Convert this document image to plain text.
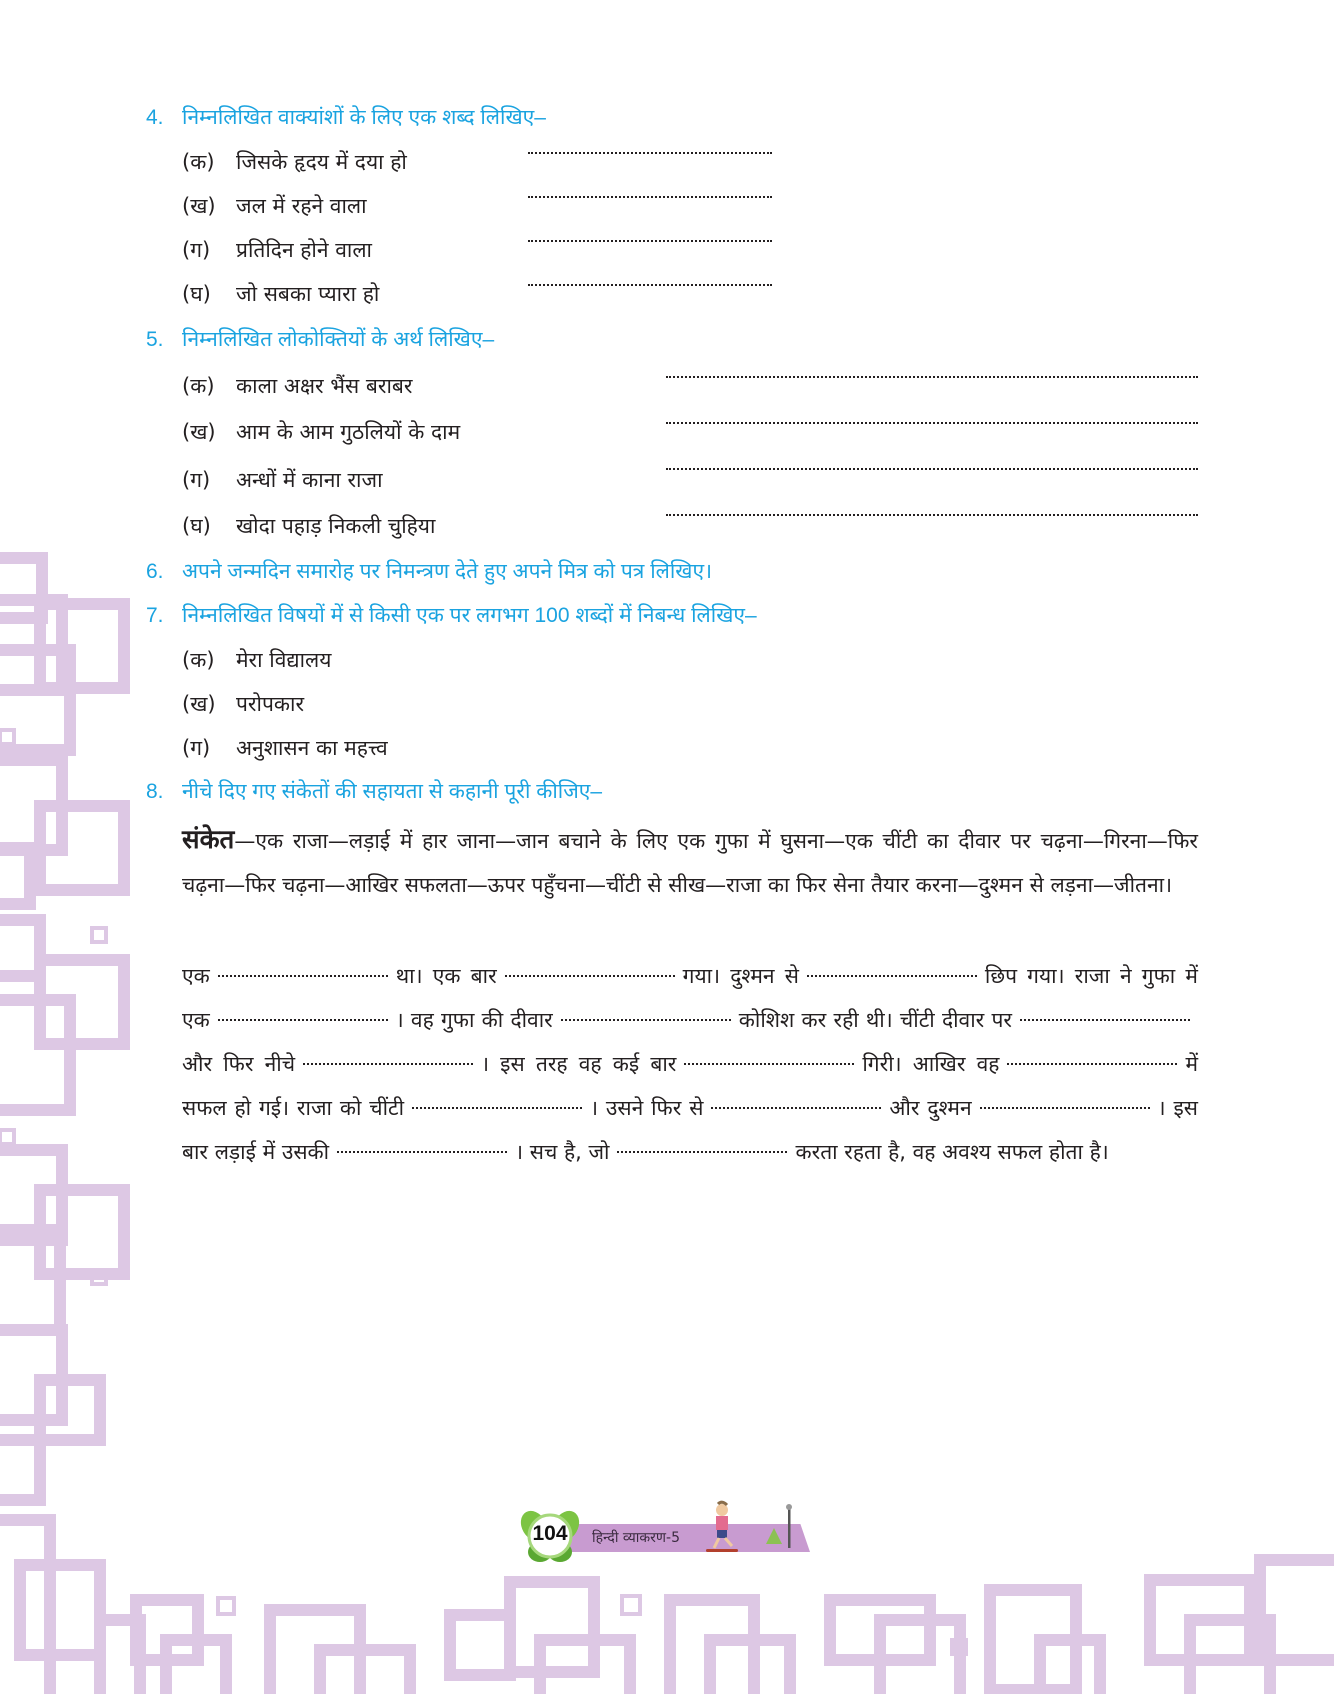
4. निम्नलिखित वाक्यांशों के लिए एक शब्द लिखिए–
(क) जिसके हृदय में दया हो
(ख) जल में रहने वाला
(ग) प्रतिदिन होने वाला
(घ) जो सबका प्यारा हो
5. निम्नलिखित लोकोक्तियों के अर्थ लिखिए–
(क) काला अक्षर भैंस बराबर
(ख) आम के आम गुठलियों के दाम
(ग) अन्धों में काना राजा
(घ) खोदा पहाड़ निकली चुहिया
6. अपने जन्मदिन समारोह पर निमन्त्रण देते हुए अपने मित्र को पत्र लिखिए।
7. निम्नलिखित विषयों में से किसी एक पर लगभग 100 शब्दों में निबन्ध लिखिए–
(क) मेरा विद्यालय
(ख) परोपकार
(ग) अनुशासन का महत्त्व
8. नीचे दिए गए संकेतों की सहायता से कहानी पूरी कीजिए–
संकेत—एक राजा—लड़ाई में हार जाना—जान बचाने के लिए एक गुफा में घुसना—एक चींटी का दीवार पर चढ़ना—गिरना—फिर चढ़ना—फिर चढ़ना—आखिर सफलता—ऊपर पहुँचना—चींटी से सीख—राजा का फिर सेना तैयार करना—दुश्मन से लड़ना—जीतना।
एक	था। एक बार	गया। दुश्मन से	छिप गया। राजा ने गुफा में एक	। वह गुफा की दीवार	कोशिश कर रही थी। चींटी दीवार परऔर फिर नीचे	। इस तरह वह कई बार	गिरी। आखिर वह	में सफल हो गई। राजा को चींटी	। उसने फिर से	और दुश्मन	। इस बार लड़ाई में उसकी	। सच है, जो	करता रहता है, वह अवश्य सफल होता है।
104	हिन्दी व्याकरण-5
